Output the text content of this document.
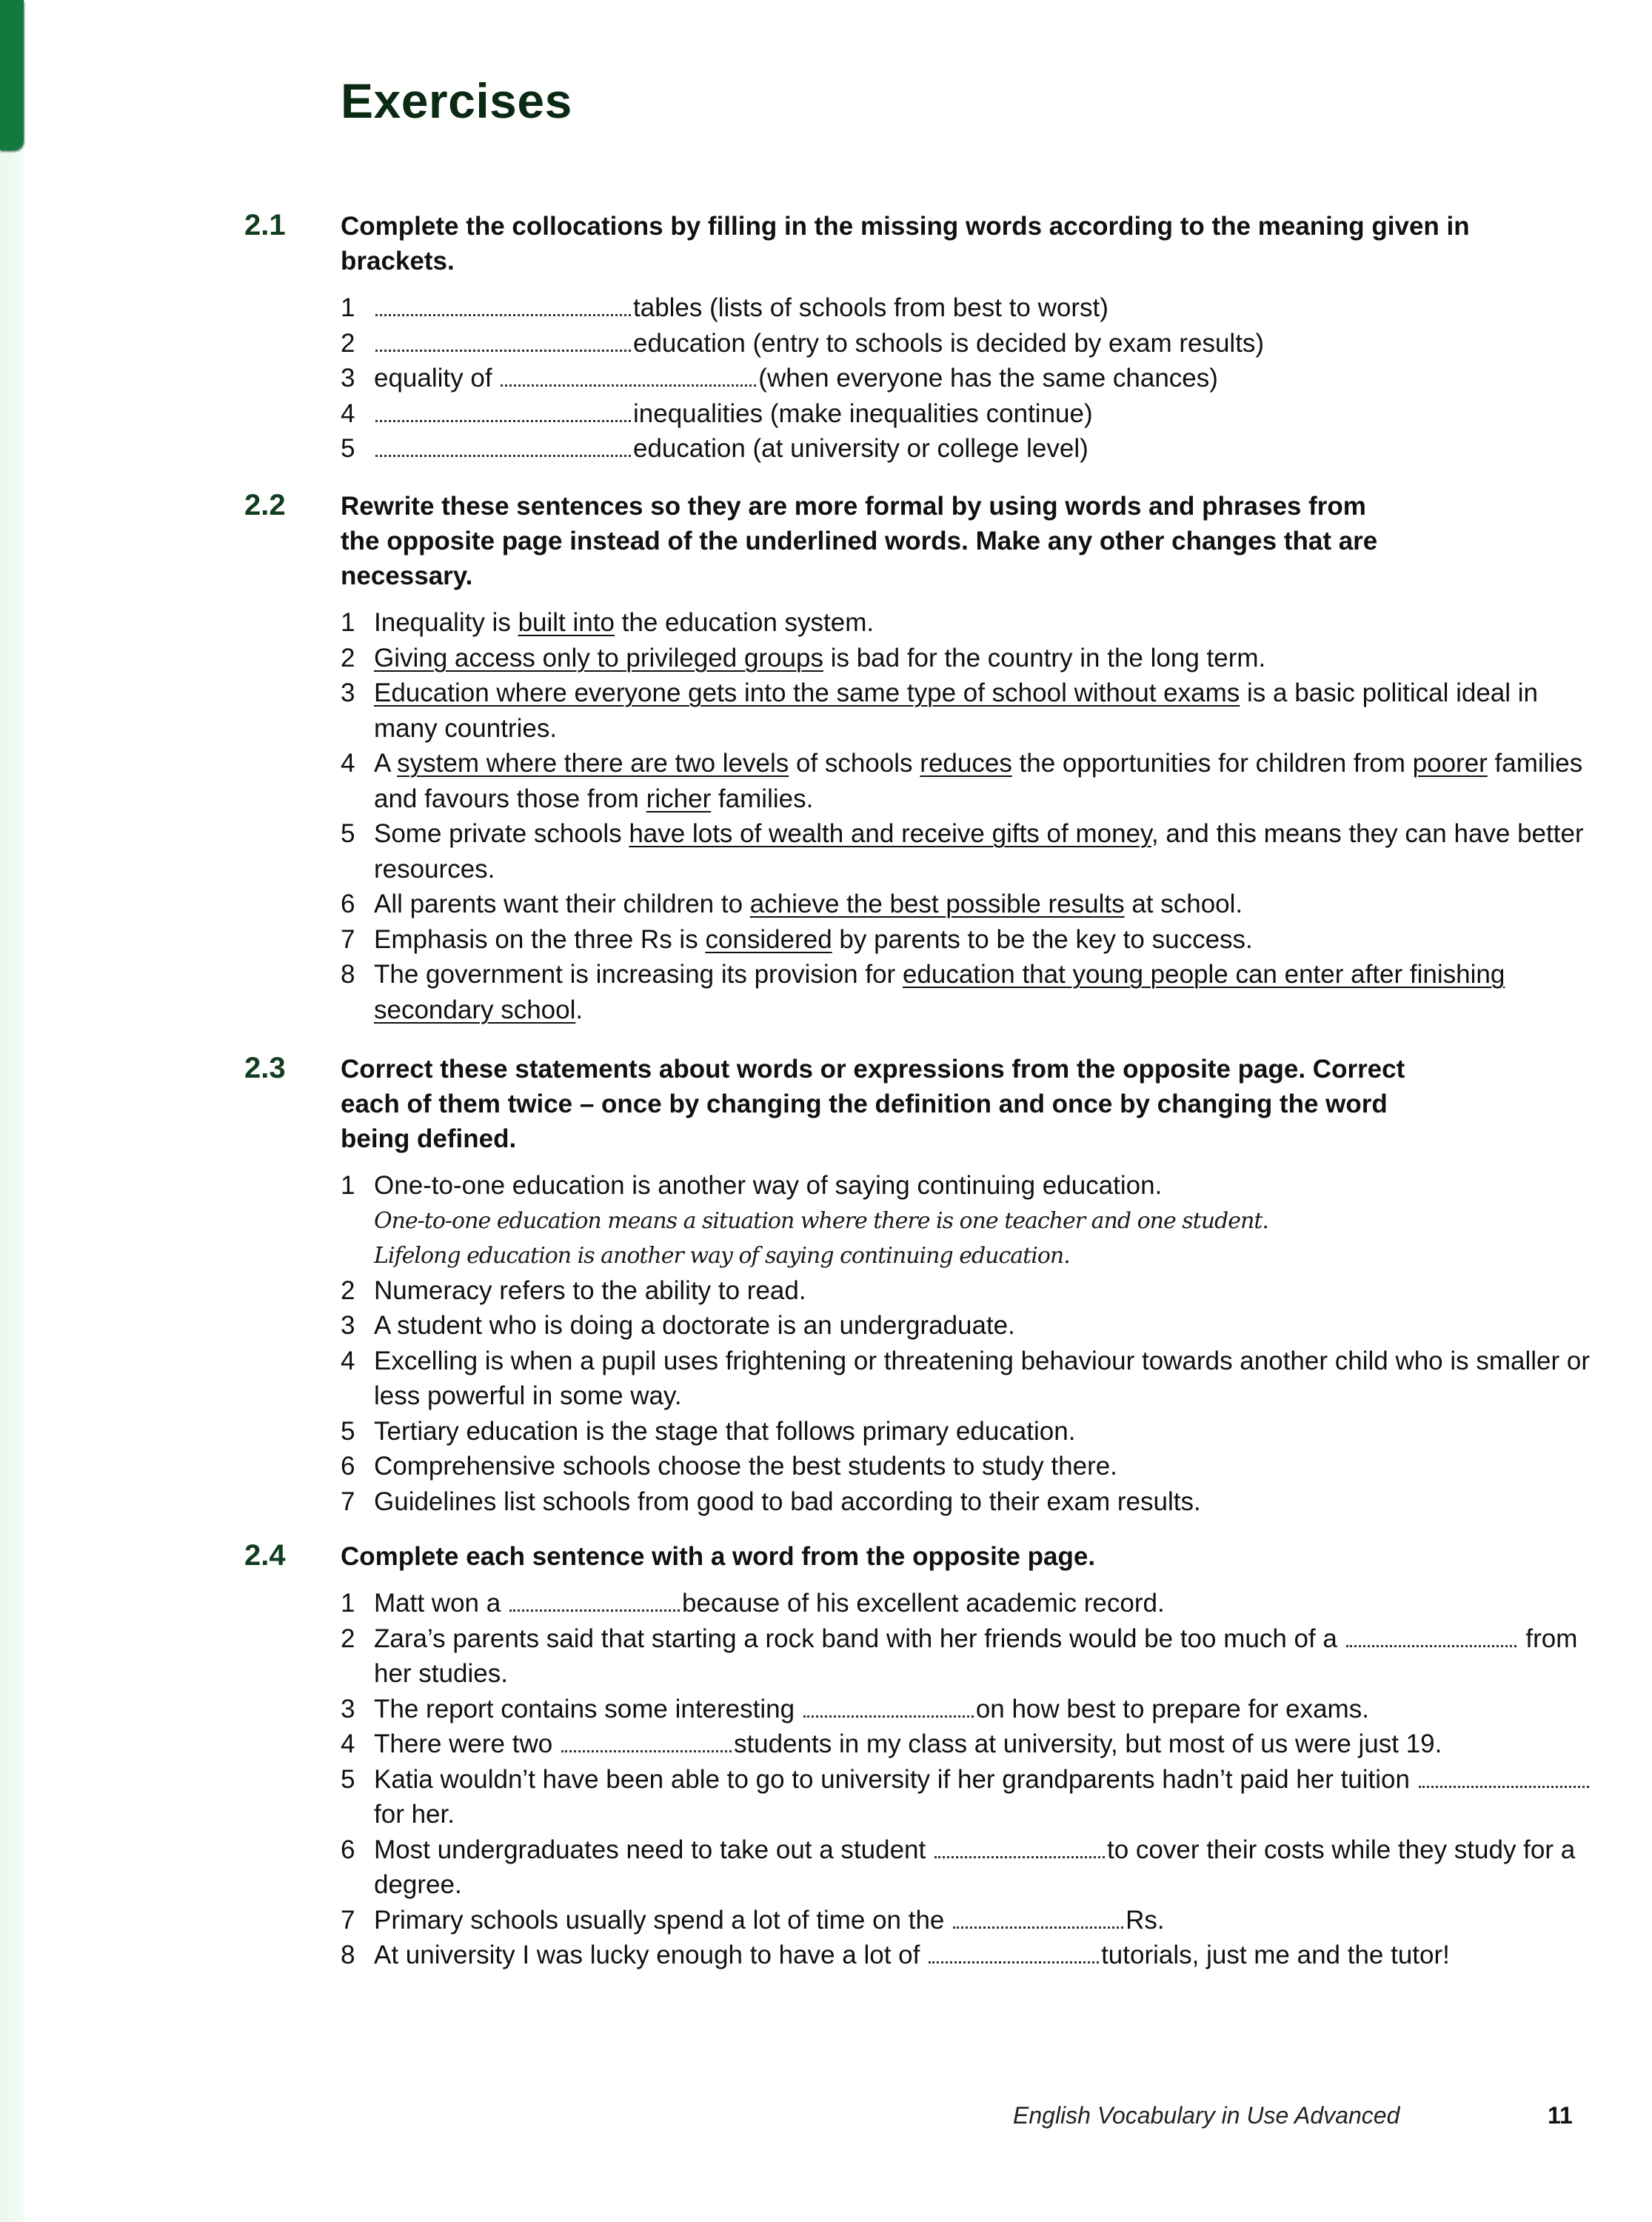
Exercises
2.1 Complete the collocations by filling in the missing words according to the meaning given in brackets.
1	tables (lists of schools from best to worst)
2	education (entry to schools is decided by exam results)
3 equality of	(when everyone has the same chances)
4	inequalities (make inequalities continue)
5	education (at university or college level)
2.2 Rewrite these sentences so they are more formal by using words and phrases from the opposite page instead of the underlined words. Make any other changes that are necessary.
1 Inequality is built into the education system.
2 Giving access only to privileged groups is bad for the country in the long term.
3 Education where everyone gets into the same type of school without exams is a basic political ideal in many countries.
4 A system where there are two levels of schools reduces the opportunities for children from poorer families and favours those from richer families.
5 Some private schools have lots of wealth and receive gifts of money, and this means they can have better resources.
6 All parents want their children to achieve the best possible results at school.
7 Emphasis on the three Rs is considered by parents to be the key to success.
8 The government is increasing its provision for education that young people can enter after finishing secondary school.
2.3 Correct these statements about words or expressions from the opposite page. Correct each of them twice – once by changing the definition and once by changing the word being defined.
1 One-to-one education is another way of saying continuing education.
One-to-one education means a situation where there is one teacher and one student.
Lifelong education is another way of saying continuing education.
2 Numeracy refers to the ability to read.
3 A student who is doing a doctorate is an undergraduate.
4 Excelling is when a pupil uses frightening or threatening behaviour towards another child who is smaller or less powerful in some way.
5 Tertiary education is the stage that follows primary education.
6 Comprehensive schools choose the best students to study there.
7 Guidelines list schools from good to bad according to their exam results.
2.4 Complete each sentence with a word from the opposite page.
1 Matt won a	because of his excellent academic record.
2 Zara’s parents said that starting a rock band with her friends would be too much of a	from her studies.
3 The report contains some interesting	on how best to prepare for exams.
4 There were two	students in my class at university, but most of us were just 19.
5 Katia wouldn’t have been able to go to university if her grandparents hadn’t paid her tuition for her.
6 Most undergraduates need to take out a student	to cover their costs while they study for a degree.
7 Primary schools usually spend a lot of time on the	Rs.
8 At university I was lucky enough to have a lot of	tutorials, just me and the tutor!
English Vocabulary in Use Advanced	11
